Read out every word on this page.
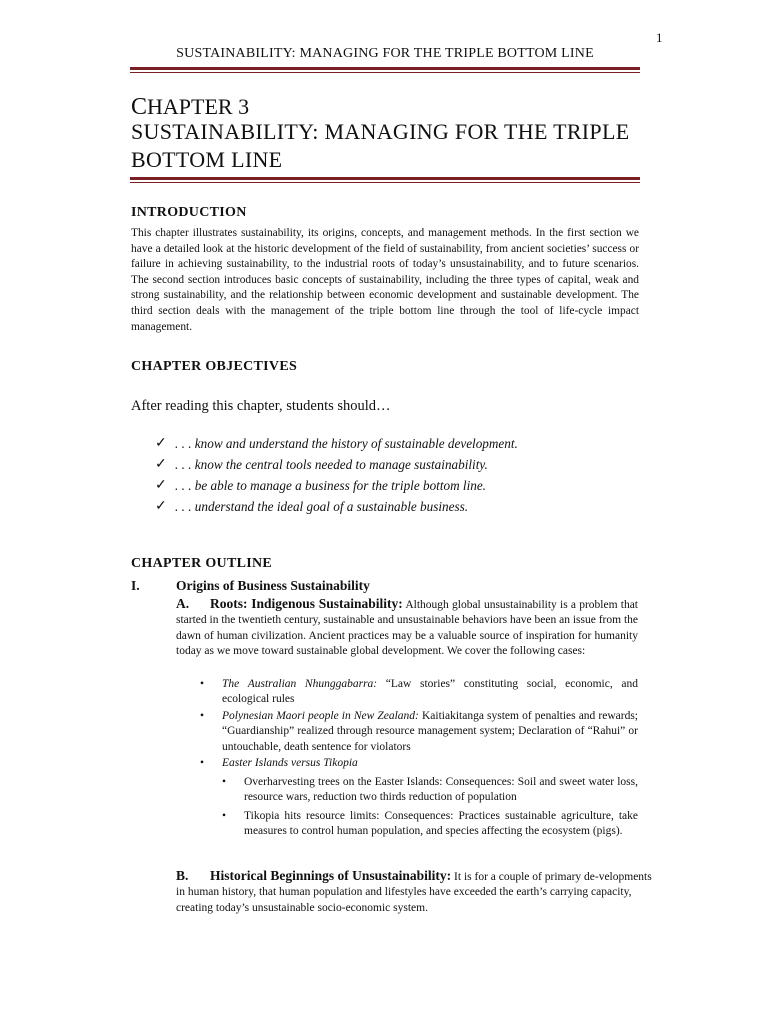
1
SUSTAINABILITY: MANAGING FOR THE TRIPLE BOTTOM LINE
CHAPTER 3
SUSTAINABILITY: MANAGING FOR THE TRIPLE
BOTTOM LINE
INTRODUCTION
This chapter illustrates sustainability, its origins, concepts, and management methods. In the first section we have a detailed look at the historic development of the field of sustainability, from ancient societies’ success or failure in achieving sustainability, to the industrial roots of today’s unsustainability, and to future scenarios. The second section introduces basic concepts of sustainability, including the three types of capital, weak and strong sustainability, and the relationship between economic development and sustainable development. The third section deals with the management of the triple bottom line through the tool of life-cycle impact management.
CHAPTER OBJECTIVES
After reading this chapter, students should…
✓ . . . know and understand the history of sustainable development.
✓ . . . know the central tools needed to manage sustainability.
✓ . . . be able to manage a business for the triple bottom line.
✓ . . . understand the ideal goal of a sustainable business.
CHAPTER OUTLINE
I.	Origins of Business Sustainability
A. Roots: Indigenous Sustainability: Although global unsustainability is a problem that started in the twentieth century, sustainable and unsustainable behaviors have been an issue from the dawn of human civilization. Ancient practices may be a valuable source of inspiration for humanity today as we move toward sustainable global development. We cover the following cases:
• The Australian Nhunggabarra: “Law stories” constituting social, economic, and ecological rules
• Polynesian Maori people in New Zealand: Kaitiakitanga system of penalties and rewards; “Guardianship” realized through resource management system; Declaration of “Rahui” or untouchable, death sentence for violators
• Easter Islands versus Tikopia
• Overharvesting trees on the Easter Islands: Consequences: Soil and sweet water loss, resource wars, reduction two thirds reduction of population
• Tikopia hits resource limits: Consequences: Practices sustainable agriculture, take measures to control human population, and species affecting the ecosystem (pigs).
B. Historical Beginnings of Unsustainability: It is for a couple of primary de-velopments in human history, that human population and lifestyles have exceeded the earth’s carrying capacity, creating today’s unsustainable socio-economic system.
